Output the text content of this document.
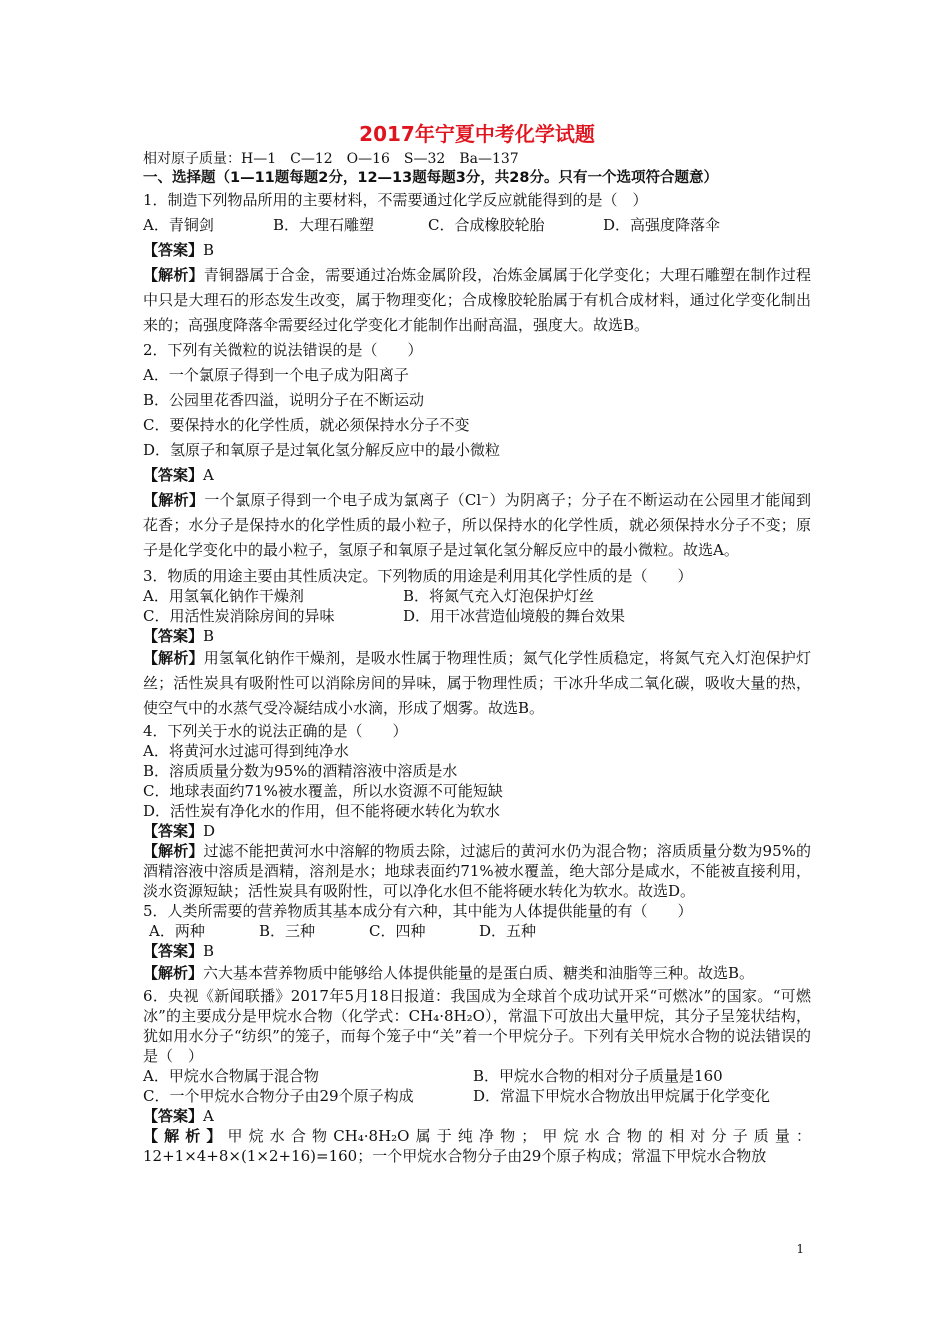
2017年宁夏中考化学试题
相对原子质量：H—1　C—12　O—16　S—32　Ba—137
一、选择题（1—11题每题2分，12—13题每题3分，共28分。只有一个选项符合题意）
1．制造下列物品所用的主要材料，不需要通过化学反应就能得到的是（　）
A．青铜剑	B．大理石雕塑	C．合成橡胶轮胎	D．高强度降落伞
【答案】B
【解析】青铜器属于合金，需要通过冶炼金属阶段，冶炼金属属于化学变化；大理石雕塑在制作过程中只是大理石的形态发生改变，属于物理变化；合成橡胶轮胎属于有机合成材料，通过化学变化制出来的；高强度降落伞需要经过化学变化才能制作出耐高温，强度大。故选B。
2．下列有关微粒的说法错误的是（　　）
A．一个氯原子得到一个电子成为阳离子
B．公园里花香四溢，说明分子在不断运动
C．要保持水的化学性质，就必须保持水分子不变
D．氢原子和氧原子是过氧化氢分解反应中的最小微粒
【答案】A
【解析】一个氯原子得到一个电子成为氯离子（Cl⁻）为阴离子；分子在不断运动在公园里才能闻到花香；水分子是保持水的化学性质的最小粒子，所以保持水的化学性质，就必须保持水分子不变；原子是化学变化中的最小粒子，氢原子和氧原子是过氧化氢分解反应中的最小微粒。故选A。
3．物质的用途主要由其性质决定。下列物质的用途是利用其化学性质的是（　　）
A．用氢氧化钠作干燥剂	B．将氮气充入灯泡保护灯丝
C．用活性炭消除房间的异味	D．用干冰营造仙境般的舞台效果
【答案】B
【解析】用氢氧化钠作干燥剂，是吸水性属于物理性质；氮气化学性质稳定，将氮气充入灯泡保护灯丝；活性炭具有吸附性可以消除房间的异味，属于物理性质；干冰升华成二氧化碳，吸收大量的热，使空气中的水蒸气受冷凝结成小水滴，形成了烟雾。故选B。
4．下列关于水的说法正确的是（　　）
A．将黄河水过滤可得到纯净水
B．溶质质量分数为95%的酒精溶液中溶质是水
C．地球表面约71%被水覆盖，所以水资源不可能短缺
D．活性炭有净化水的作用，但不能将硬水转化为软水
【答案】D
【解析】过滤不能把黄河水中溶解的物质去除，过滤后的黄河水仍为混合物；溶质质量分数为95%的酒精溶液中溶质是酒精，溶剂是水；地球表面约71%被水覆盖，绝大部分是咸水，不能被直接利用，淡水资源短缺；活性炭具有吸附性，可以净化水但不能将硬水转化为软水。故选D。
5．人类所需要的营养物质其基本成分有六种，其中能为人体提供能量的有（　　）
A．两种	B．三种	C．四种	D．五种
【答案】B
【解析】六大基本营养物质中能够给人体提供能量的是蛋白质、糖类和油脂等三种。故选B。
6．央视《新闻联播》2017年5月18日报道：我国成为全球首个成功试开采“可燃冰”的国家。“可燃冰”的主要成分是甲烷水合物（化学式：CH₄·8H₂O），常温下可放出大量甲烷，其分子呈笼状结构，犹如用水分子“纺织”的笼子，而每个笼子中“关”着一个甲烷分子。下列有关甲烷水合物的说法错误的是（　）
A．甲烷水合物属于混合物	B．甲烷水合物的相对分子质量是160
C．一个甲烷水合物分子由29个原子构成	D．常温下甲烷水合物放出甲烷属于化学变化
【答案】A
【解析】甲烷水合物CH₄·8H₂O属于纯净物；甲烷水合物的相对分子质量：12+1×4+8×(1×2+16)=160；一个甲烷水合物分子由29个原子构成；常温下甲烷水合物放
1
